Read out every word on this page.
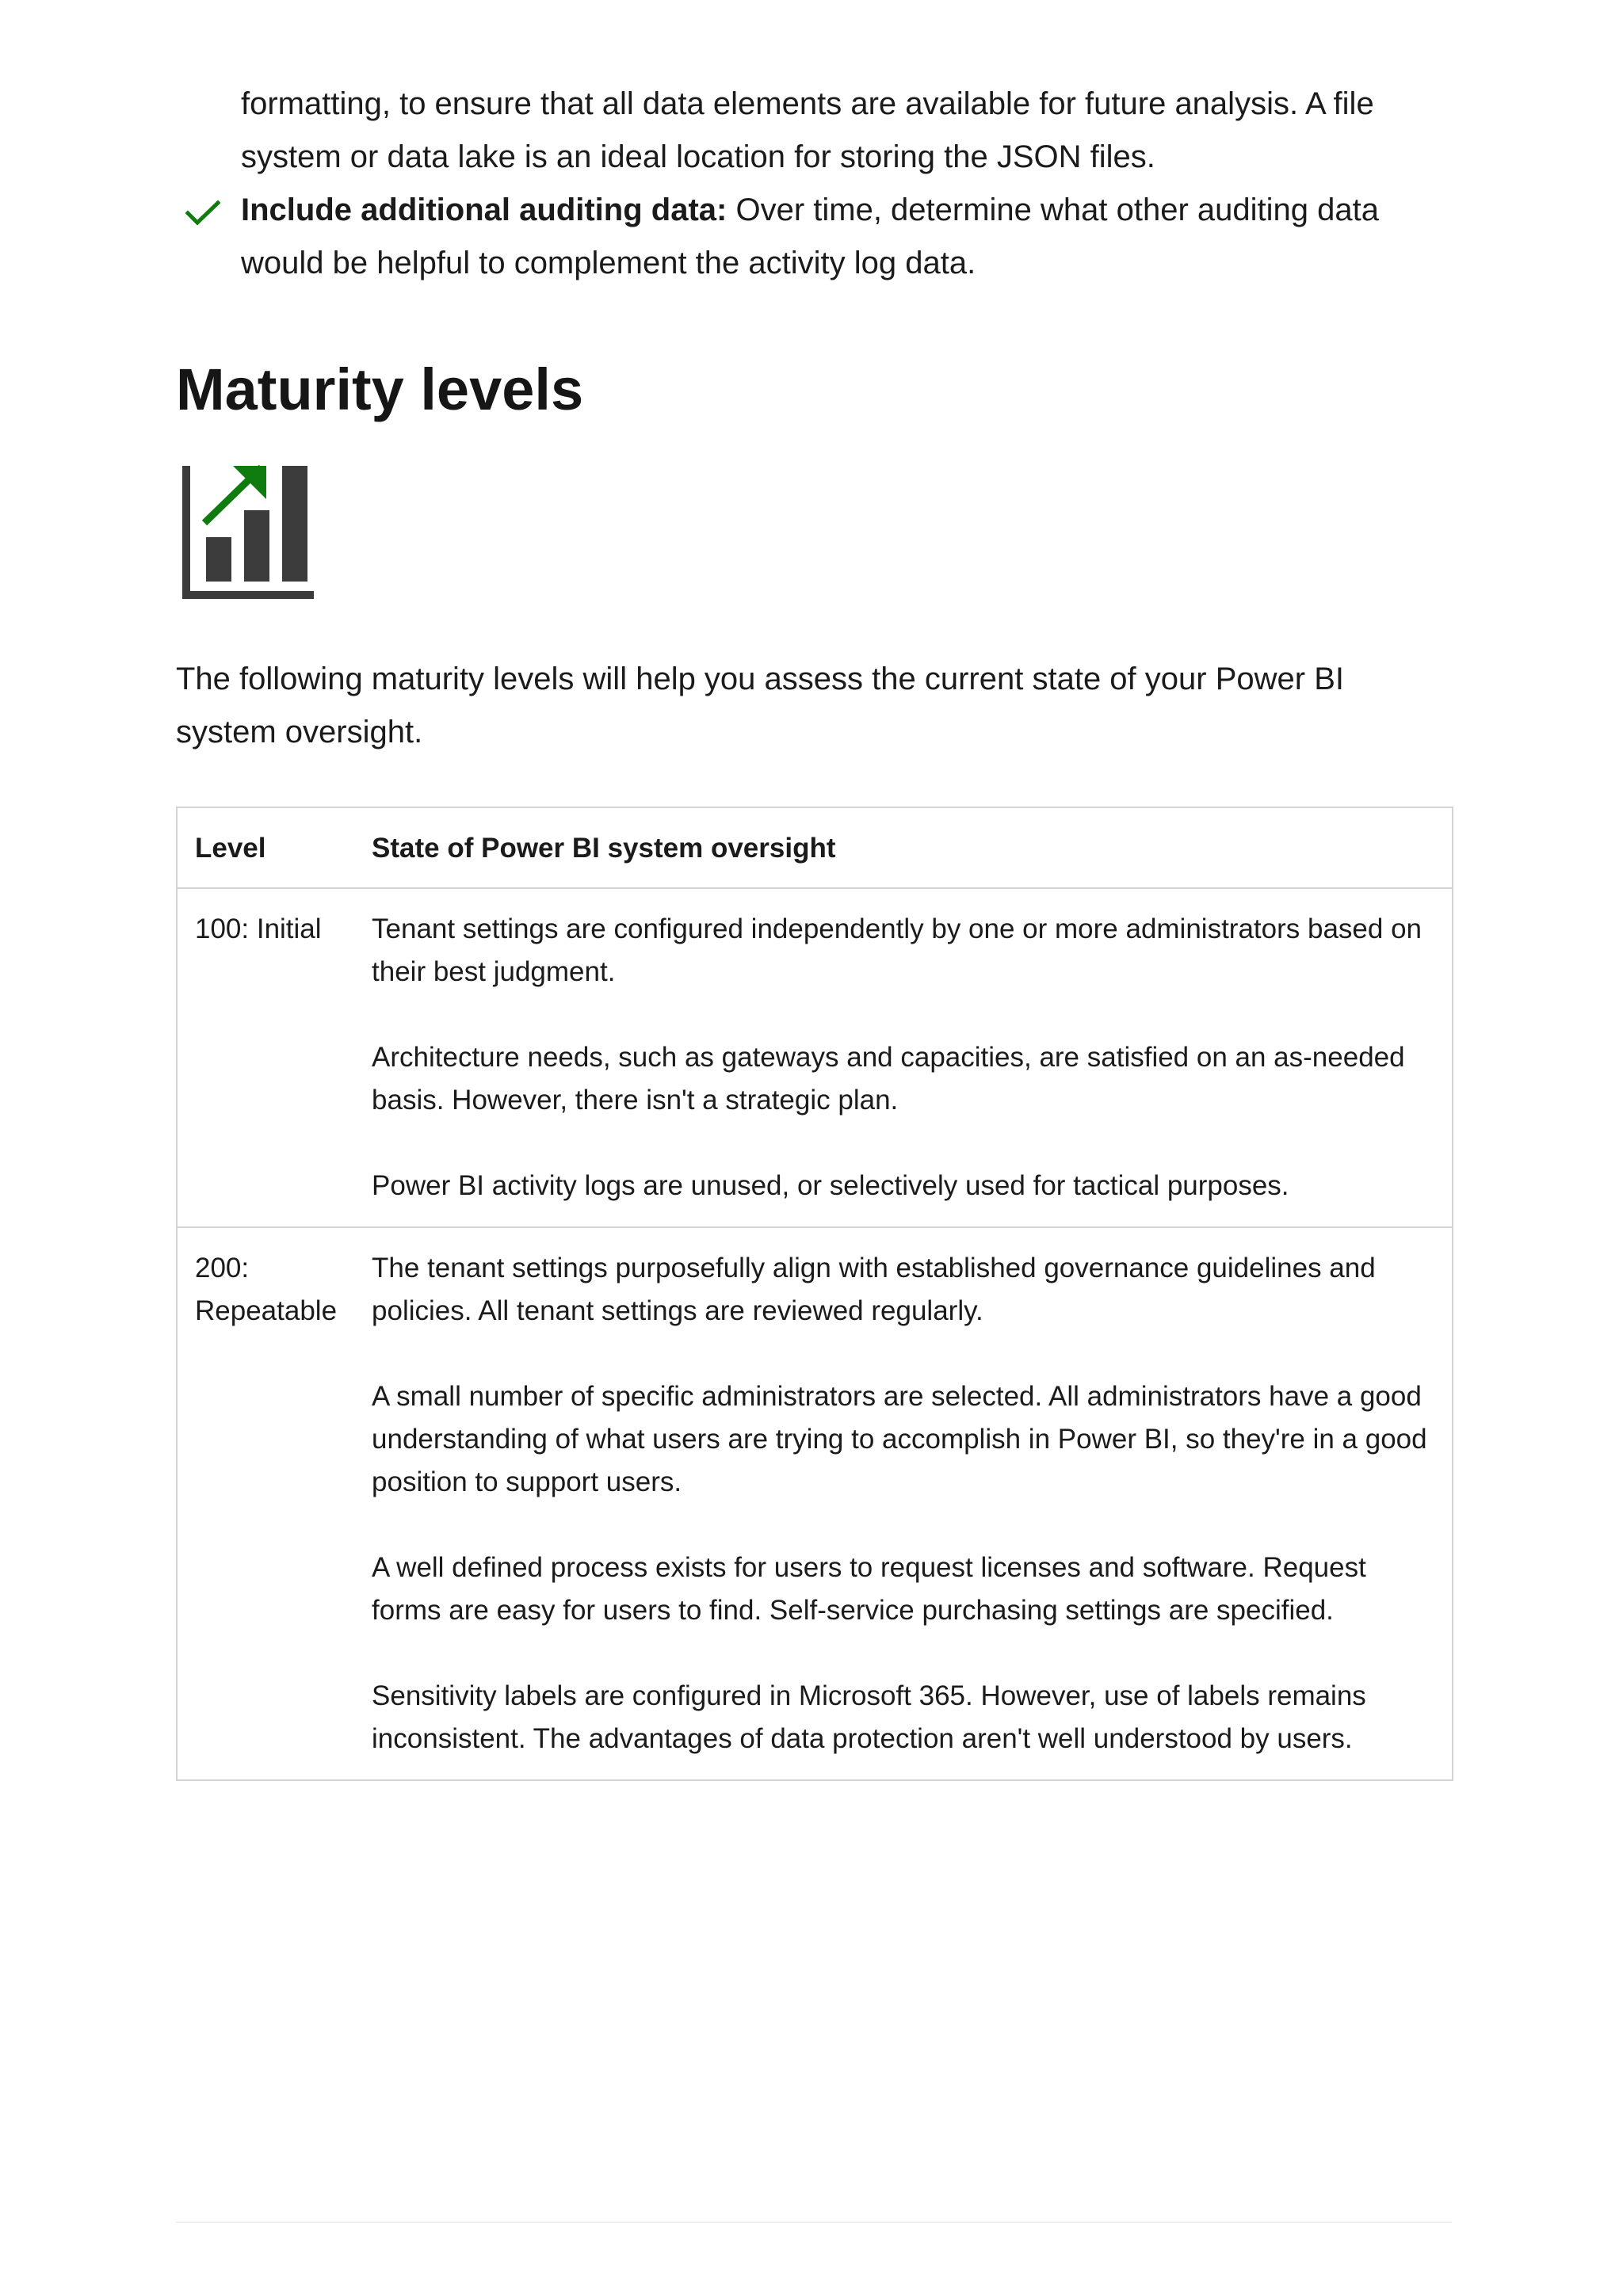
formatting, to ensure that all data elements are available for future analysis. A file system or data lake is an ideal location for storing the JSON files.

Include additional auditing data: Over time, determine what other auditing data would be helpful to complement the activity log data.

Maturity levels

The following maturity levels will help you assess the current state of your Power BI system oversight.

Level	State of Power BI system oversight
100: Initial	Tenant settings are configured independently by one or more administrators based on their best judgment.

Architecture needs, such as gateways and capacities, are satisfied on an as-needed basis. However, there isn't a strategic plan.

Power BI activity logs are unused, or selectively used for tactical purposes.

200: Repeatable	The tenant settings purposefully align with established governance guidelines and policies. All tenant settings are reviewed regularly.

A small number of specific administrators are selected. All administrators have a good understanding of what users are trying to accomplish in Power BI, so they're in a good position to support users.

A well defined process exists for users to request licenses and software. Request forms are easy for users to find. Self-service purchasing settings are specified.

Sensitivity labels are configured in Microsoft 365. However, use of labels remains inconsistent. The advantages of data protection aren't well understood by users.
